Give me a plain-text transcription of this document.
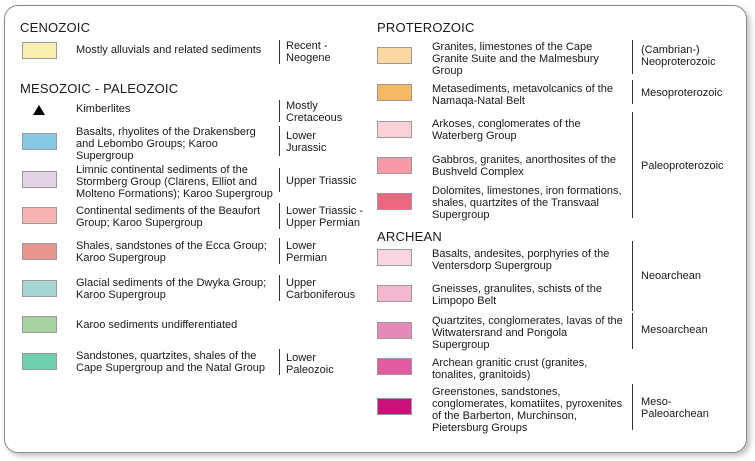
CENOZOIC
Mostly alluvials and related sediments Recent -
Neogene
MESOZOIC - PALEOZOIC
Kimberlites	Mostly
Cretaceous
Basalts, rhyolites of the Drakensberg
and Lebombo Groups; Karoo
Supergroup
Lower
Jurassic
Limnic continental sediments of the
Stormberg Group (Clarens, Elliot and
Molteno Formations); Karoo Supergroup
Upper Triassic
Continental sediments of the Beaufort
Group; Karoo Supergroup
Lower Triassic -
Upper Permian
Shales, sandstones of the Ecca Group;
Karoo Supergroup
Lower
Permian
Glacial sediments of the Dwyka Group;
Karoo Supergroup
Upper
Carboniferous
Karoo sediments undifferentiated
Sandstones, quartzites, shales of the
Cape Supergroup and the Natal Group
Lower
Paleozoic
PROTEROZOIC
Granites, limestones of the Cape
Granite Suite and the Malmesbury
Group
Metasediments, metavolcanics of the
Namaqa-Natal Belt
Arkoses, conglomerates of the
Waterberg Group
Gabbros, granites, anorthosites of the
Bushveld Complex
Dolomites, limestones, iron formations,
shales, quartzites of the Transvaal
Supergroup
(Cambrian-)
Neoproterozoic
Mesoproterozoic
Paleoproterozoic
ARCHEAN
Basalts, andesites, porphyries of the
Ventersdorp Supergroup
Gneisses, granulites, schists of the
Limpopo Belt
Quartzites, conglomerates, lavas of the
Witwatersrand and Pongola
Supergroup
Archean granitic crust (granites,
tonalites, granitoids)
Greenstones, sandstones,
conglomerates, komatiites, pyroxenites
of the Barberton, Murchinson,
Pietersburg Groups
Neoarchean
Mesoarchean
Meso-
Paleoarchean
